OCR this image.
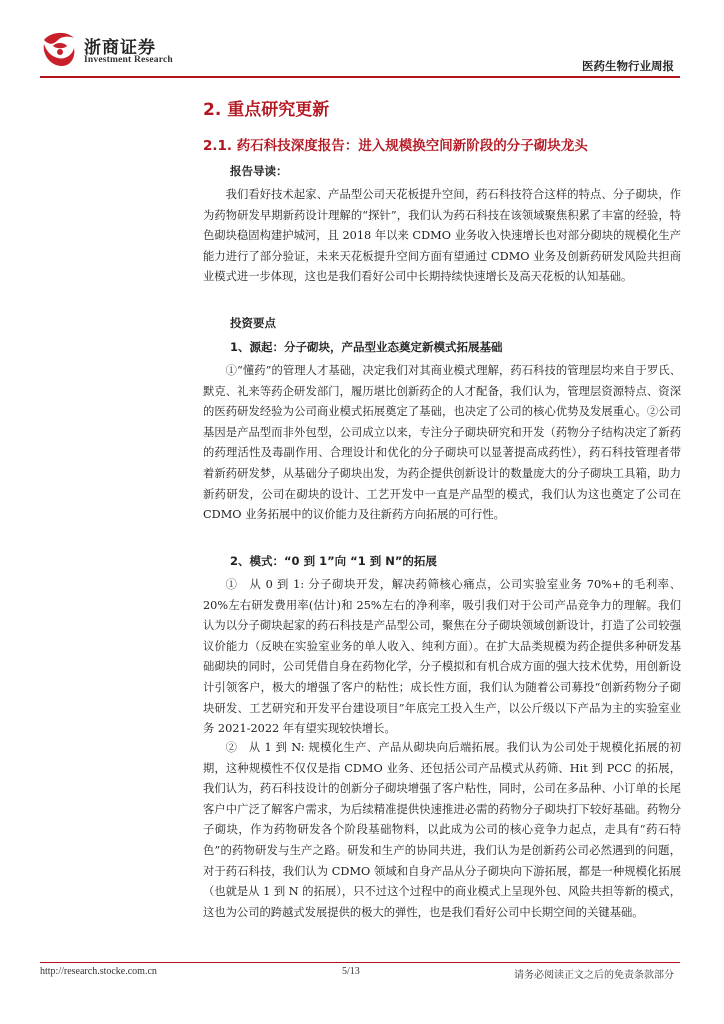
浙商证券
Investment Research	医药生物行业周报
2. 重点研究更新
2.1. 药石科技深度报告：进入规模换空间新阶段的分子砌块龙头
报告导读：

我们看好技术起家、产品型公司天花板提升空间，药石科技符合这样的特点、分子砌块，作为药物研发早期新药设计理解的“探针”，我们认为药石科技在该领域聚焦积累了丰富的经验，特色砌块稳固构建护城河，且 2018 年以来 CDMO 业务收入快速增长也对部分砌块的规模化生产能力进行了部分验证，未来天花板提升空间方面有望通过 CDMO 业务及创新药研发风险共担商业模式进一步体现，这也是我们看好公司中长期持续快速增长及高天花板的认知基础。

投资要点
1、源起：分子砌块，产品型业态奠定新模式拓展基础

①“懂药”的管理人才基础，决定我们对其商业模式理解，药石科技的管理层均来自于罗氏、默克、礼来等药企研发部门，履历堪比创新药企的人才配备，我们认为，管理层资源特点、资深的医药研发经验为公司商业模式拓展奠定了基础，也决定了公司的核心优势及发展重心。②公司基因是产品型而非外包型，公司成立以来，专注分子砌块研究和开发（药物分子结构决定了新药的药理活性及毒副作用、合理设计和优化的分子砌块可以显著提高成药性），药石科技管理者带着新药研发梦，从基础分子砌块出发，为药企提供创新设计的数量庞大的分子砌块工具箱，助力新药研发，公司在砌块的设计、工艺开发中一直是产品型的模式，我们认为这也奠定了公司在 CDMO 业务拓展中的议价能力及往新药方向拓展的可行性。

2、模式：“0 到 1”向 “1 到 N”的拓展

①　从 0 到 1: 分子砌块开发，解决药筛核心痛点，公司实验室业务 70%+的毛利率、20%左右研发费用率(估计)和 25%左右的净利率，吸引我们对于公司产品竞争力的理解。我们认为以分子砌块起家的药石科技是产品型公司，聚焦在分子砌块领域创新设计，打造了公司较强议价能力（反映在实验室业务的单人收入、纯利方面）。在扩大品类规模为药企提供多种研发基础砌块的同时，公司凭借自身在药物化学，分子模拟和有机合成方面的强大技术优势，用创新设计引领客户，极大的增强了客户的粘性；成长性方面，我们认为随着公司募投“创新药物分子砌块研发、工艺研究和开发平台建设项目”年底完工投入生产，以公斤级以下产品为主的实验室业务 2021-2022 年有望实现较快增长。

②　从 1 到 N: 规模化生产、产品从砌块向后端拓展。我们认为公司处于规模化拓展的初期，这种规模性不仅仅是指 CDMO 业务、还包括公司产品模式从药筛、Hit 到 PCC 的拓展，我们认为，药石科技设计的创新分子砌块增强了客户粘性，同时，公司在多品种、小订单的长尾客户中广泛了解客户需求，为后续精准提供快速推进必需的药物分子砌块打下较好基础。药物分子砌块，作为药物研发各个阶段基础物料，以此成为公司的核心竞争力起点，走具有“药石特色”的药物研发与生产之路。研发和生产的协同共进，我们认为是创新药公司必然遇到的问题，对于药石科技，我们认为 CDMO 领域和自身产品从分子砌块向下游拓展，都是一种规模化拓展（也就是从 1 到 N 的拓展），只不过这个过程中的商业模式上呈现外包、风险共担等新的模式，这也为公司的跨越式发展提供的极大的弹性，也是我们看好公司中长期空间的关键基础。

http://research.stocke.com.cn	5/13	请务必阅读正文之后的免责条款部分
